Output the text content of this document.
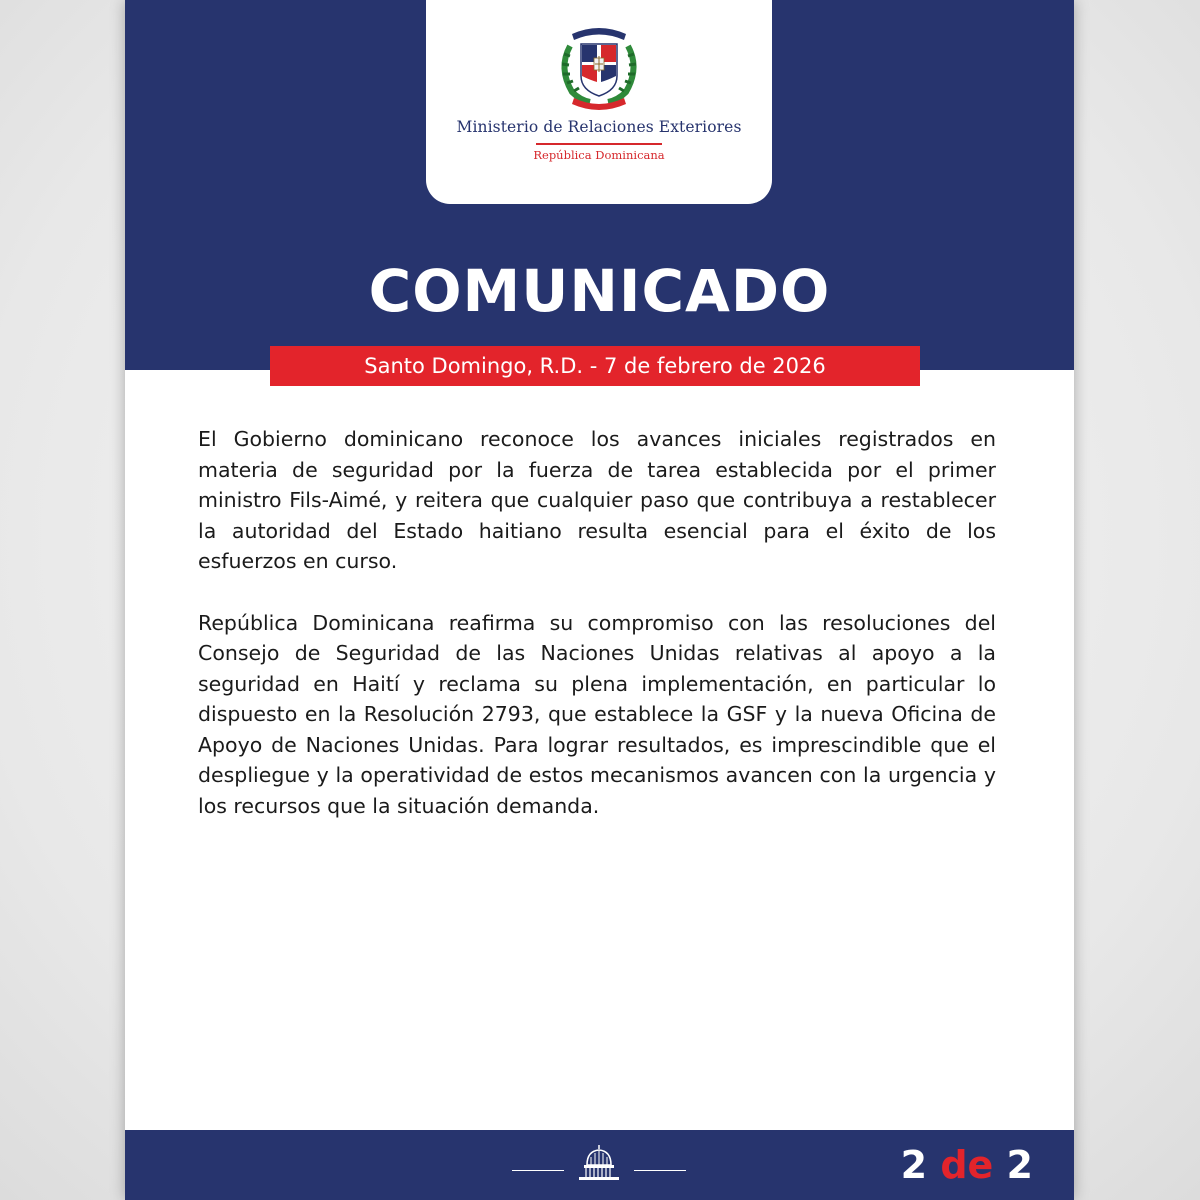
Ministerio de Relaciones Exteriores
República Dominicana
COMUNICADO
Santo Domingo, R.D. - 7 de febrero de 2026

El Gobierno dominicano reconoce los avances iniciales registrados en materia de seguridad por la fuerza de tarea establecida por el primer ministro Fils-Aimé, y reitera que cualquier paso que contribuya a restablecer la autoridad del Estado haitiano resulta esencial para el éxito de los esfuerzos en curso.

República Dominicana reafirma su compromiso con las resoluciones del Consejo de Seguridad de las Naciones Unidas relativas al apoyo a la seguridad en Haití y reclama su plena implementación, en particular lo dispuesto en la Resolución 2793, que establece la GSF y la nueva Oficina de Apoyo de Naciones Unidas. Para lograr resultados, es imprescindible que el despliegue y la operatividad de estos mecanismos avancen con la urgencia y los recursos que la situación demanda.

2 de 2
